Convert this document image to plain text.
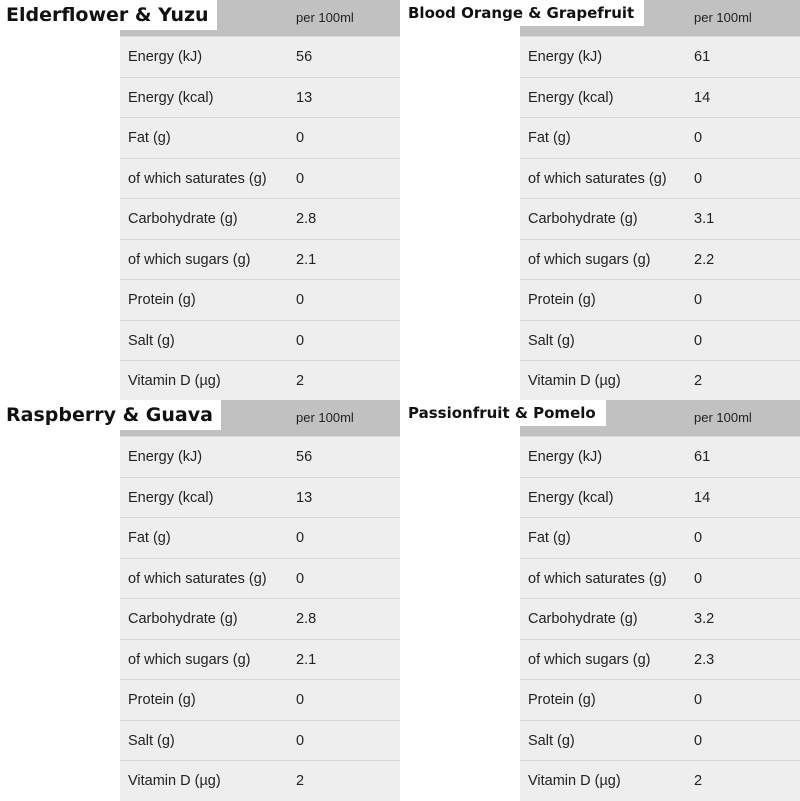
Elderflower & Yuzu	per 100ml
Energy (kJ)	56
Energy (kcal)	13
Fat (g)	0
of which saturates (g) 0
Carbohydrate (g)	2.8
of which sugars (g)	2.1
Protein (g)	0
Salt (g)	0
Vitamin D (µg)	2
Blood Orange & Grapefruit	per 100ml
Energy (kJ)	61
Energy (kcal)	14
Fat (g)	0
of which saturates (g) 0
Carbohydrate (g)	3.1
of which sugars (g)	2.2
Protein (g)	0
Salt (g)	0
Vitamin D (µg)	2
Raspberry & Guava	per 100ml
Energy (kJ)	56
Energy (kcal)	13
Fat (g)	0
of which saturates (g) 0
Carbohydrate (g)	2.8
of which sugars (g)	2.1
Protein (g)	0
Salt (g)	0
Vitamin D (µg)	2
Passionfruit & Pomelo	per 100ml
Energy (kJ)	61
Energy (kcal)	14
Fat (g)	0
of which saturates (g) 0
Carbohydrate (g)	3.2
of which sugars (g)	2.3
Protein (g)	0
Salt (g)	0
Vitamin D (µg)	2
